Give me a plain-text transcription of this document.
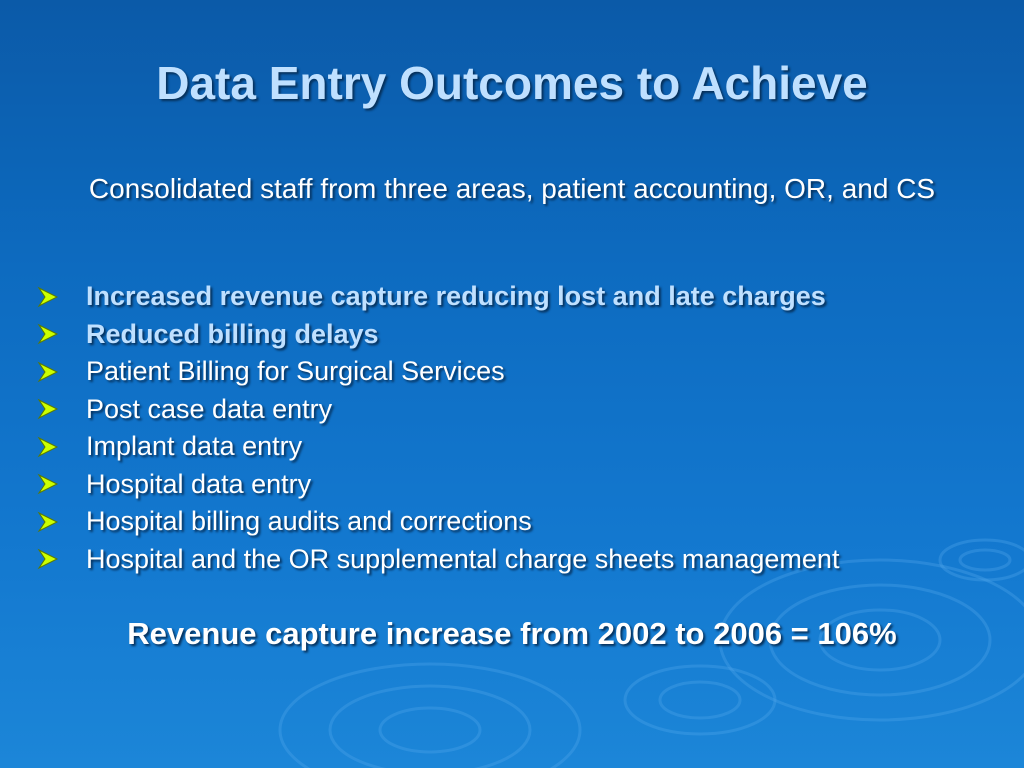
Data Entry Outcomes to Achieve

Consolidated staff from three areas, patient accounting, OR, and CS

Increased revenue capture reducing lost and late charges
Reduced billing delays
Patient Billing for Surgical Services
Post case data entry
Implant data entry
Hospital data entry
Hospital billing audits and corrections
Hospital and the OR supplemental charge sheets management

Revenue capture increase from 2002 to 2006 = 106%
